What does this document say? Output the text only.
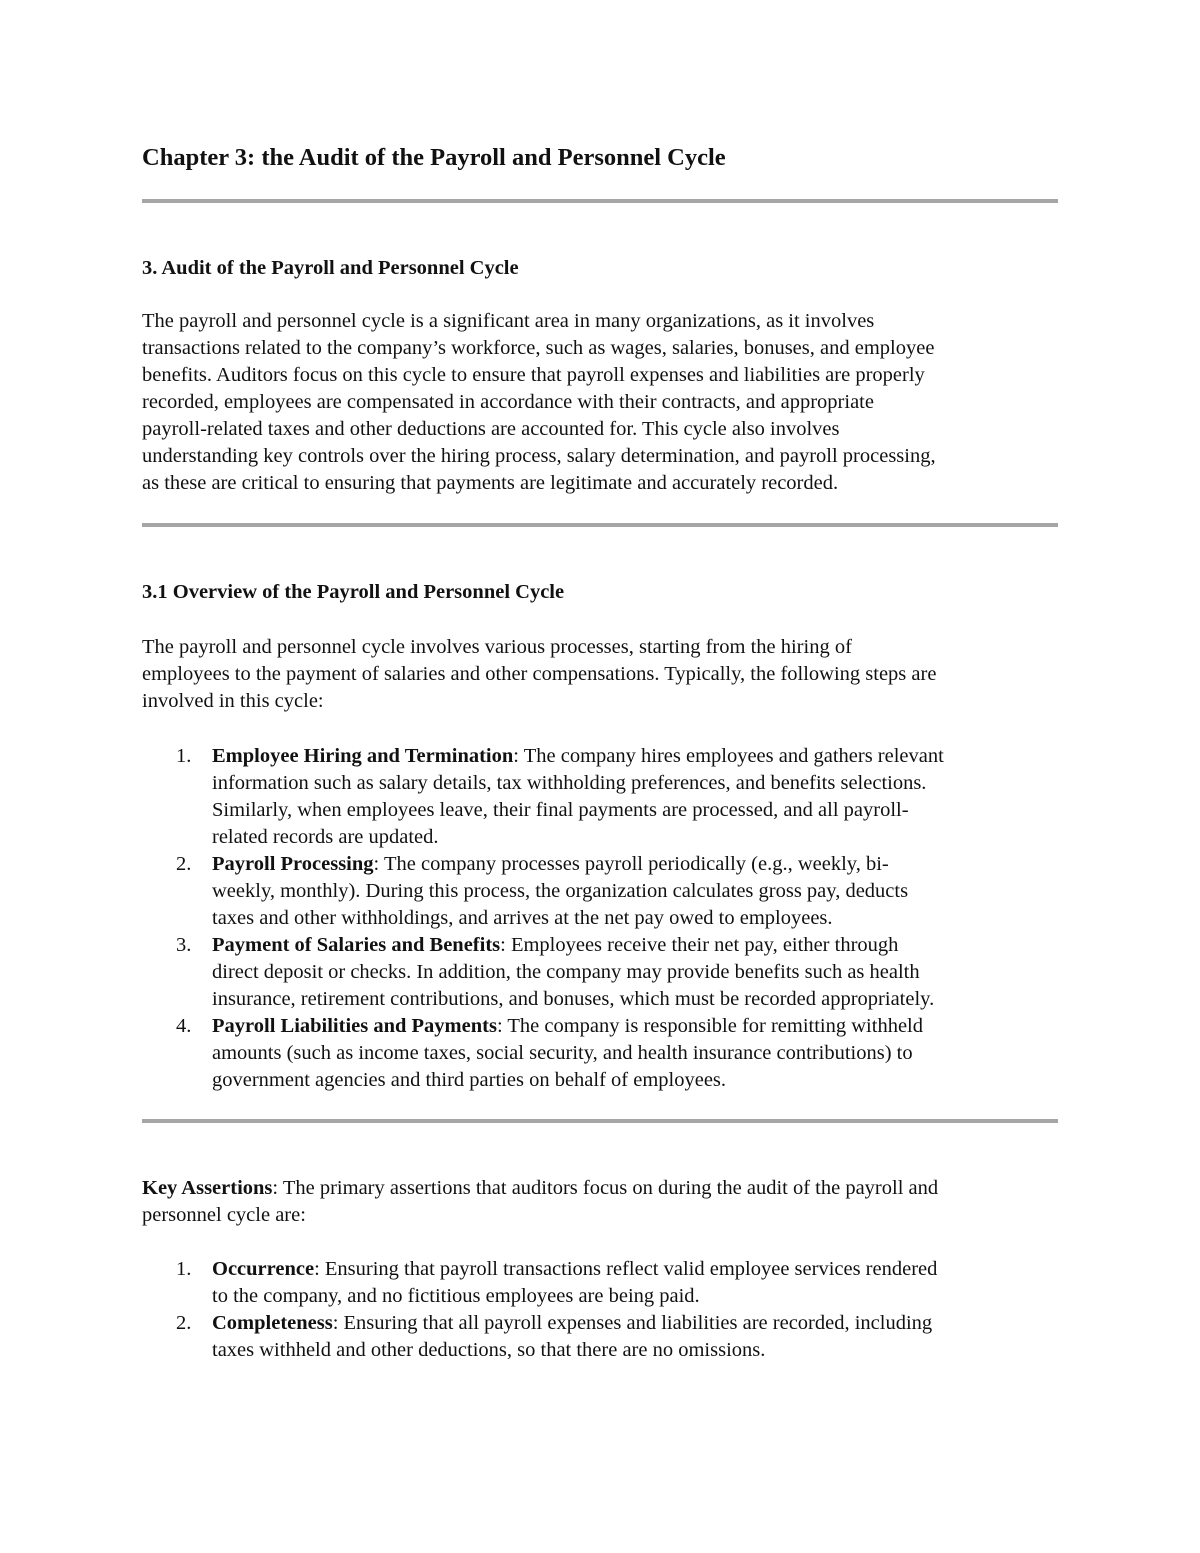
Chapter 3: the Audit of the Payroll and Personnel Cycle
3. Audit of the Payroll and Personnel Cycle

The payroll and personnel cycle is a significant area in many organizations, as it involves
transactions related to the company’s workforce, such as wages, salaries, bonuses, and employee
benefits. Auditors focus on this cycle to ensure that payroll expenses and liabilities are properly
recorded, employees are compensated in accordance with their contracts, and appropriate
payroll-related taxes and other deductions are accounted for. This cycle also involves
understanding key controls over the hiring process, salary determination, and payroll processing,
as these are critical to ensuring that payments are legitimate and accurately recorded.

3.1 Overview of the Payroll and Personnel Cycle

The payroll and personnel cycle involves various processes, starting from the hiring of
employees to the payment of salaries and other compensations. Typically, the following steps are
involved in this cycle:

1. Employee Hiring and Termination: The company hires employees and gathers relevant
information such as salary details, tax withholding preferences, and benefits selections.
Similarly, when employees leave, their final payments are processed, and all payroll-
related records are updated.
2. Payroll Processing: The company processes payroll periodically (e.g., weekly, bi-
weekly, monthly). During this process, the organization calculates gross pay, deducts
taxes and other withholdings, and arrives at the net pay owed to employees.
3. Payment of Salaries and Benefits: Employees receive their net pay, either through
direct deposit or checks. In addition, the company may provide benefits such as health
insurance, retirement contributions, and bonuses, which must be recorded appropriately.
4. Payroll Liabilities and Payments: The company is responsible for remitting withheld
amounts (such as income taxes, social security, and health insurance contributions) to
government agencies and third parties on behalf of employees.

Key Assertions: The primary assertions that auditors focus on during the audit of the payroll and
personnel cycle are:

1. Occurrence: Ensuring that payroll transactions reflect valid employee services rendered
to the company, and no fictitious employees are being paid.
2. Completeness: Ensuring that all payroll expenses and liabilities are recorded, including
taxes withheld and other deductions, so that there are no omissions.
